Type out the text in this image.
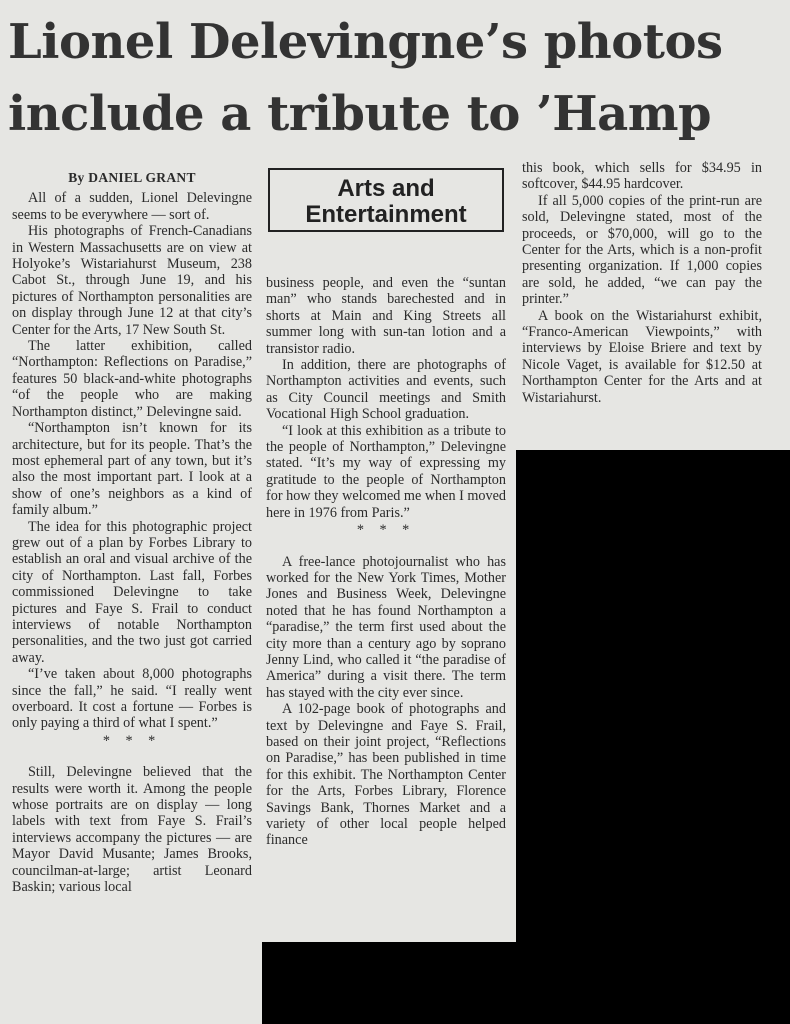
Lionel Delevingne’s photos
include a tribute to ’Hamp
Arts and
Entertainment

By DANIEL GRANT

All of a sudden, Lionel Delevingne seems to be everywhere — sort of.

His photographs of French-Canadians in Western Massachusetts are on view at Holyoke’s Wistariahurst Museum, 238 Cabot St., through June 19, and his pictures of Northampton personalities are on display through June 12 at that city’s Center for the Arts, 17 New South St.

The latter exhibition, called “Northampton: Reflections on Paradise,” features 50 black-and-white photographs “of the people who are making Northampton distinct,” Delevingne said.

“Northampton isn’t known for its architecture, but for its people. That’s the most ephemeral part of any town, but it’s also the most important part. I look at a show of one’s neighbors as a kind of family album.”

The idea for this photographic project grew out of a plan by Forbes Library to establish an oral and visual archive of the city of Northampton. Last fall, Forbes commissioned Delevingne to take pictures and Faye S. Frail to conduct interviews of notable Northampton personalities, and the two just got carried away.

“I’ve taken about 8,000 photographs since the fall,” he said. “I really went overboard. It cost a fortune — Forbes is only paying a third of what I spent.”

* * *

Still, Delevingne believed that the results were worth it. Among the people whose portraits are on display — long labels with text from Faye S. Frail’s interviews accompany the pictures — are Mayor David Musante; James Brooks, councilman-at-large; artist Leonard Baskin; various local

business people, and even the “suntan man” who stands barechested and in shorts at Main and King Streets all summer long with sun-tan lotion and a transistor radio.

In addition, there are photographs of Northampton activities and events, such as City Council meetings and Smith Vocational High School graduation.

“I look at this exhibition as a tribute to the people of Northampton,” Delevingne stated. “It’s my way of expressing my gratitude to the people of Northampton for how they welcomed me when I moved here in 1976 from Paris.”

* * *

A free-lance photojournalist who has worked for the New York Times, Mother Jones and Business Week, Delevingne noted that he has found Northampton a “paradise,” the term first used about the city more than a century ago by soprano Jenny Lind, who called it “the paradise of America” during a visit there. The term has stayed with the city ever since.

A 102-page book of photographs and text by Delevingne and Faye S. Frail, based on their joint project, “Reflections on Paradise,” has been published in time for this exhibit. The Northampton Center for the Arts, Forbes Library, Florence Savings Bank, Thornes Market and a variety of other local people helped finance

this book, which sells for $34.95 in softcover, $44.95 hardcover.

If all 5,000 copies of the print-run are sold, Delevingne stated, most of the proceeds, or $70,000, will go to the Center for the Arts, which is a non-profit presenting organization. If 1,000 copies are sold, he added, “we can pay the printer.”

A book on the Wistariahurst exhibit, “Franco-American Viewpoints,” with interviews by Eloise Briere and text by Nicole Vaget, is available for $12.50 at Northampton Center for the Arts and at Wistariahurst.
